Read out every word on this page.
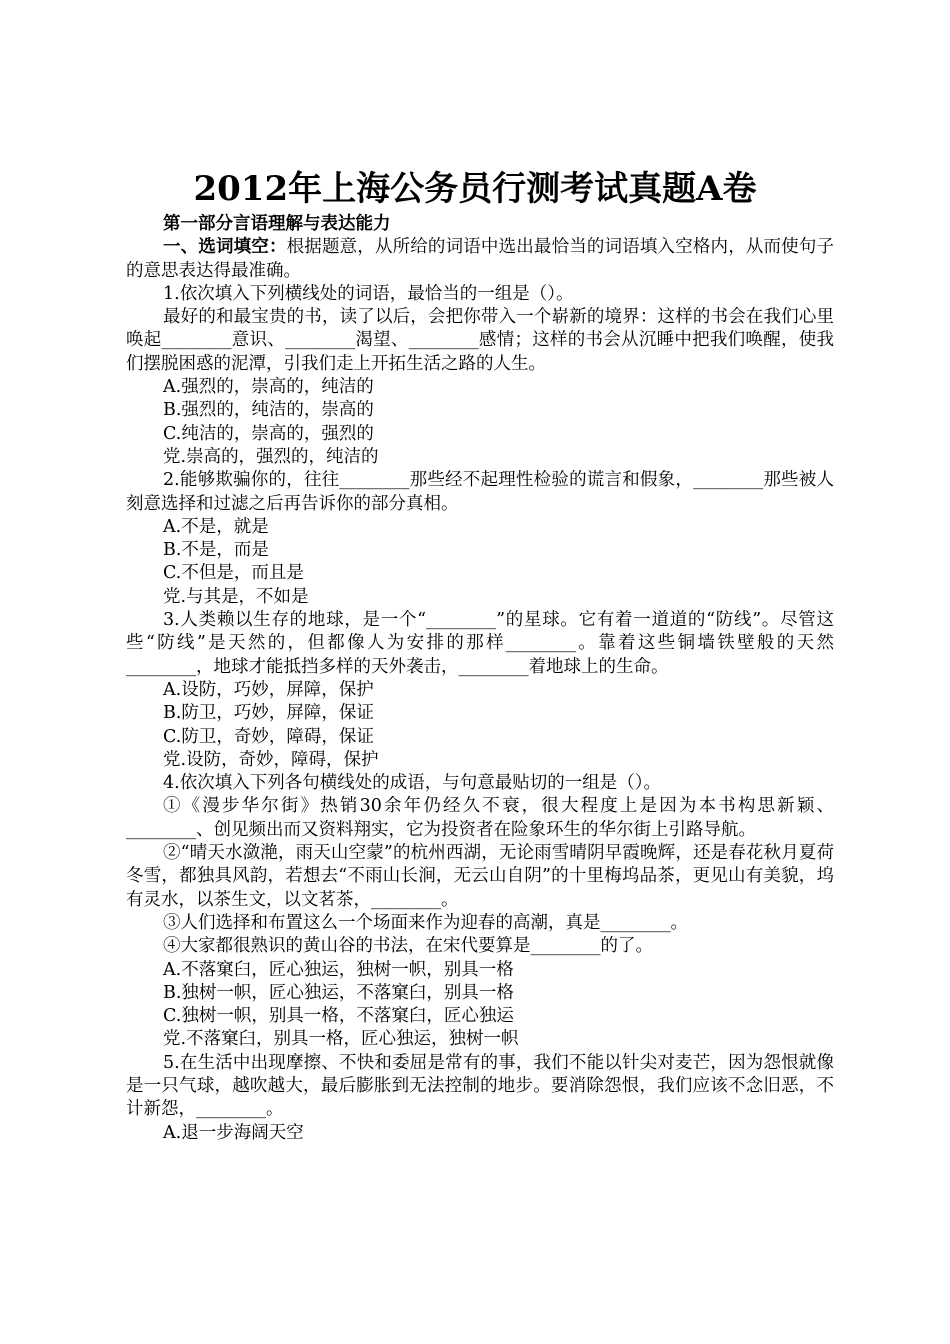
2012年上海公务员行测考试真题A卷

第一部分言语理解与表达能力

一、选词填空：根据题意，从所给的词语中选出最恰当的词语填入空格内，从而使句子的意思表达得最准确。

1.依次填入下列横线处的词语，最恰当的一组是（）。

最好的和最宝贵的书，读了以后，会把你带入一个崭新的境界：这样的书会在我们心里唤起________意识、________渴望、________感情；这样的书会从沉睡中把我们唤醒，使我们摆脱困惑的泥潭，引我们走上开拓生活之路的人生。

A.强烈的，崇高的，纯洁的

B.强烈的，纯洁的，崇高的

C.纯洁的，崇高的，强烈的

党.崇高的，强烈的，纯洁的

2.能够欺骗你的，往往________那些经不起理性检验的谎言和假象，________那些被人刻意选择和过滤之后再告诉你的部分真相。

A.不是，就是

B.不是，而是

C.不但是，而且是

党.与其是，不如是

3.人类赖以生存的地球，是一个“________”的星球。它有着一道道的“防线”。尽管这些“防线”是天然的，但都像人为安排的那样________。靠着这些铜墙铁壁般的天然________，地球才能抵挡多样的天外袭击，________着地球上的生命。

A.设防，巧妙，屏障，保护

B.防卫，巧妙，屏障，保证

C.防卫，奇妙，障碍，保证

党.设防，奇妙，障碍，保护

4.依次填入下列各句横线处的成语，与句意最贴切的一组是（）。

①《漫步华尔街》热销30余年仍经久不衰，很大程度上是因为本书构思新颖、________、创见频出而又资料翔实，它为投资者在险象环生的华尔街上引路导航。

②“晴天水潋滟，雨天山空蒙”的杭州西湖，无论雨雪晴阴早霞晚辉，还是春花秋月夏荷冬雪，都独具风韵，若想去“不雨山长涧，无云山自阴”的十里梅坞品茶，更见山有美貌，坞有灵水，以茶生文，以文茗茶，________。

③人们选择和布置这么一个场面来作为迎春的高潮，真是________。

④大家都很熟识的黄山谷的书法，在宋代要算是________的了。

A.不落窠臼，匠心独运，独树一帜，别具一格

B.独树一帜，匠心独运，不落窠臼，别具一格

C.独树一帜，别具一格，不落窠臼，匠心独运

党.不落窠臼，别具一格，匠心独运，独树一帜

5.在生活中出现摩擦、不快和委屈是常有的事，我们不能以针尖对麦芒，因为怨恨就像是一只气球，越吹越大，最后膨胀到无法控制的地步。要消除怨恨，我们应该不念旧恶，不计新怨，________。

A.退一步海阔天空
